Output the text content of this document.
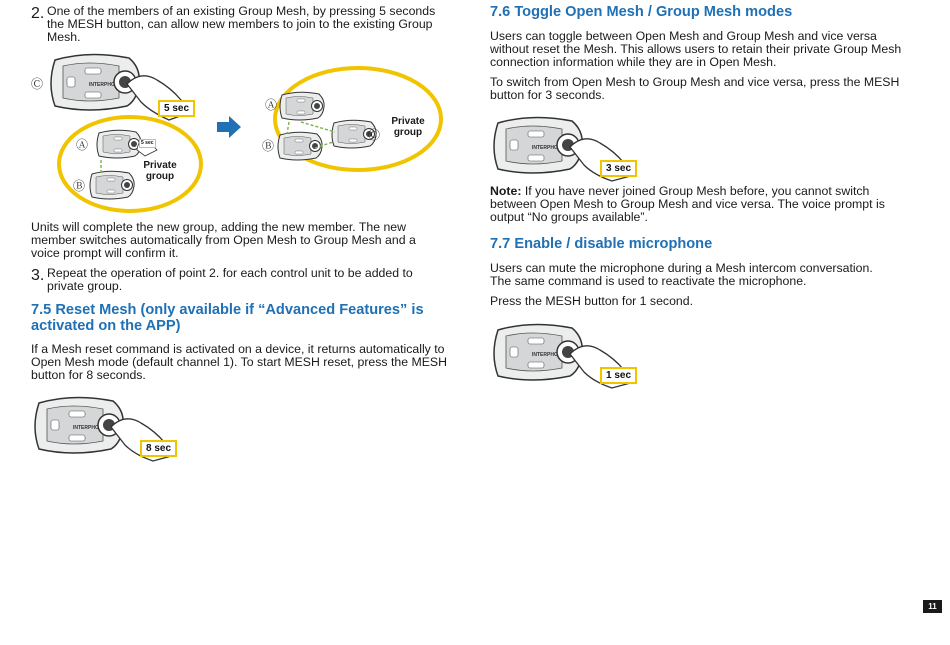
2. One of the members of an existing Group Mesh, by pressing 5 seconds

the MESH button, can allow new members to join to the existing Group

Mesh.

Ⓒ
Ⓐ
Ⓑ
5 sec
5 sec
Private
group
Ⓐ
Ⓑ
Ⓒ
Private
group

Units will complete the new group, adding the new member. The new

member switches automatically from Open Mesh to Group Mesh and a

voice prompt will confirm it.

3. Repeat the operation of point 2. for each control unit to be added to

private group.

7.5 Reset Mesh (only available if “Advanced Features” is
activated on the APP)

If a Mesh reset command is activated on a device, it returns automatically to

Open Mesh mode (default channel 1). To start MESH reset, press the MESH

button for 8 seconds.

8 sec
7.6 Toggle Open Mesh / Group Mesh modes

Users can toggle between Open Mesh and Group Mesh and vice versa

without reset the Mesh. This allows users to retain their private Group Mesh

connection information while they are in Open Mesh.

To switch from Open Mesh to Group Mesh and vice versa, press the MESH

button for 3 seconds.

3 sec

Note: If you have never joined Group Mesh before, you cannot switch

between Open Mesh to Group Mesh and vice versa. The voice prompt is

output “No groups available”.

7.7 Enable / disable microphone

Users can mute the microphone during a Mesh intercom conversation.

The same command is used to reactivate the microphone.

Press the MESH button for 1 second.

1 sec
11
